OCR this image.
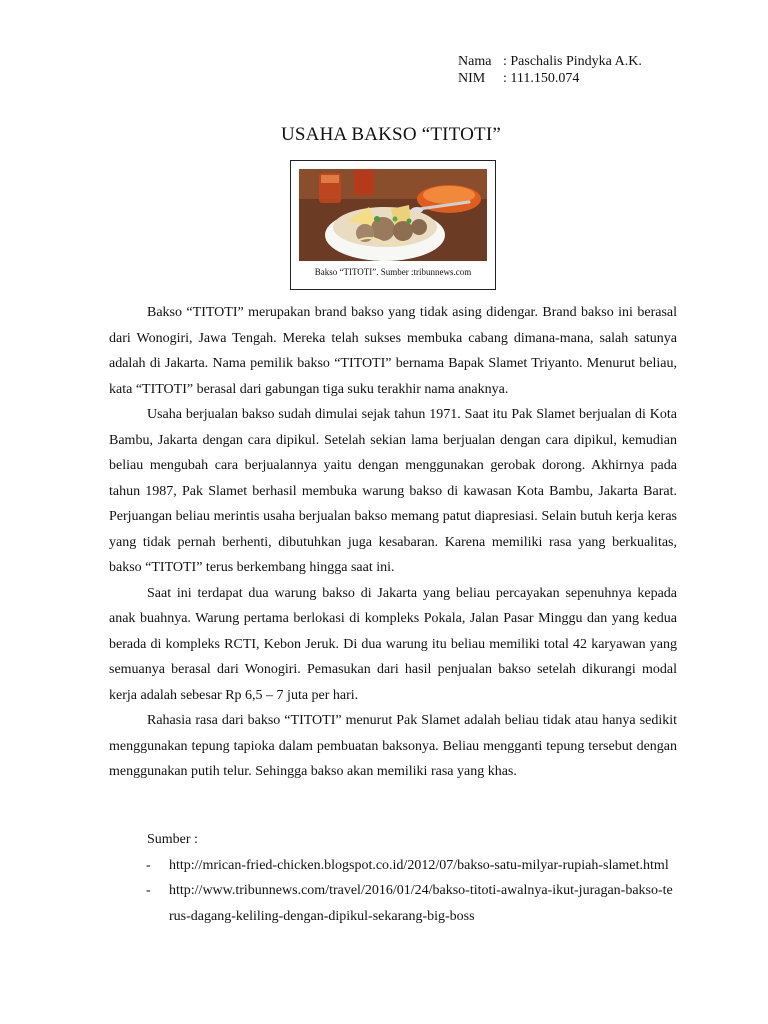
Nama : Paschalis Pindyka A.K.
NIM	: 111.150.074
USAHA BAKSO “TITOTI”
Bakso “TITOTI”. Sumber :tribunnews.com

Bakso “TITOTI” merupakan brand bakso yang tidak asing didengar. Brand bakso ini berasal dari Wonogiri, Jawa Tengah. Mereka telah sukses membuka cabang dimana-mana, salah satunya adalah di Jakarta. Nama pemilik bakso “TITOTI” bernama Bapak Slamet Triyanto. Menurut beliau, kata “TITOTI” berasal dari gabungan tiga suku terakhir nama anaknya.

Usaha berjualan bakso sudah dimulai sejak tahun 1971. Saat itu Pak Slamet berjualan di Kota Bambu, Jakarta dengan cara dipikul. Setelah sekian lama berjualan dengan cara dipikul, kemudian beliau mengubah cara berjualannya yaitu dengan menggunakan gerobak dorong. Akhirnya pada tahun 1987, Pak Slamet berhasil membuka warung bakso di kawasan Kota Bambu, Jakarta Barat. Perjuangan beliau merintis usaha berjualan bakso memang patut diapresiasi. Selain butuh kerja keras yang tidak pernah berhenti, dibutuhkan juga kesabaran. Karena memiliki rasa yang berkualitas, bakso “TITOTI” terus berkembang hingga saat ini.

Saat ini terdapat dua warung bakso di Jakarta yang beliau percayakan sepenuhnya kepada anak buahnya. Warung pertama berlokasi di kompleks Pokala, Jalan Pasar Minggu dan yang kedua berada di kompleks RCTI, Kebon Jeruk. Di dua warung itu beliau memiliki total 42 karyawan yang semuanya berasal dari Wonogiri. Pemasukan dari hasil penjualan bakso setelah dikurangi modal kerja adalah sebesar Rp 6,5 – 7 juta per hari.

Rahasia rasa dari bakso “TITOTI” menurut Pak Slamet adalah beliau tidak atau hanya sedikit menggunakan tepung tapioka dalam pembuatan baksonya. Beliau mengganti tepung tersebut dengan menggunakan putih telur. Sehingga bakso akan memiliki rasa yang khas.

Sumber :
- http://mrican-fried-chicken.blogspot.co.id/2012/07/bakso-satu-milyar-rupiah-slamet.html
- http://www.tribunnews.com/travel/2016/01/24/bakso-titoti-awalnya-ikut-juragan-bakso-terus-dagang-keliling-dengan-dipikul-sekarang-big-boss
